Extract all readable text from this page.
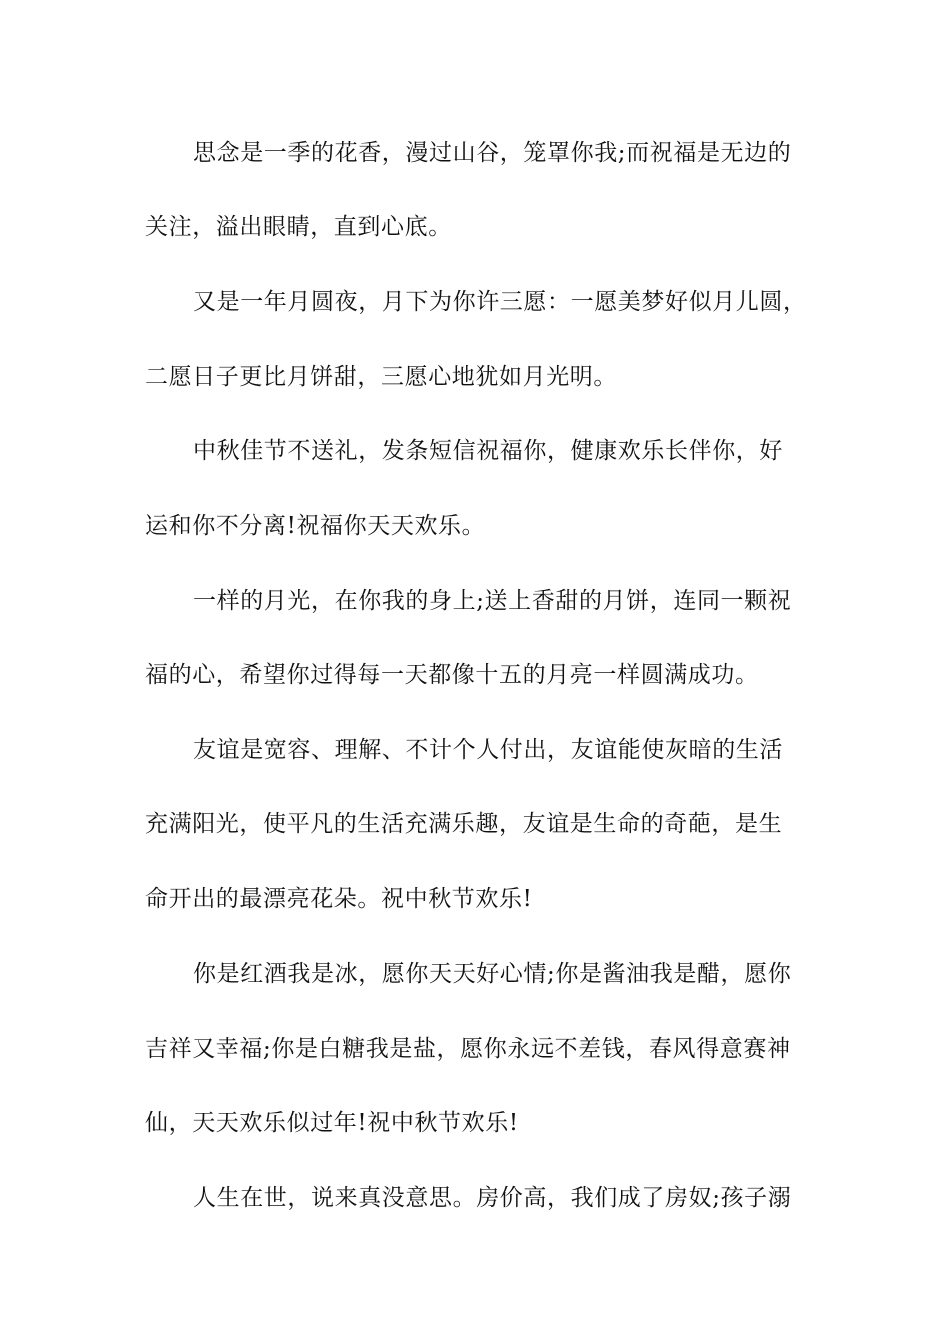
思念是一季的花香，漫过山谷，笼罩你我;而祝福是无边的
关注，溢出眼睛，直到心底。
又是一年月圆夜，月下为你许三愿：一愿美梦好似月儿圆，
二愿日子更比月饼甜，三愿心地犹如月光明。
中秋佳节不送礼，发条短信祝福你，健康欢乐长伴你，好
运和你不分离!祝福你天天欢乐。
一样的月光，在你我的身上;送上香甜的月饼，连同一颗祝
福的心，希望你过得每一天都像十五的月亮一样圆满成功。
友谊是宽容、理解、不计个人付出，友谊能使灰暗的生活
充满阳光，使平凡的生活充满乐趣，友谊是生命的奇葩，是生
命开出的最漂亮花朵。祝中秋节欢乐!
你是红酒我是冰，愿你天天好心情;你是酱油我是醋，愿你
吉祥又幸福;你是白糖我是盐，愿你永远不差钱，春风得意赛神
仙，天天欢乐似过年!祝中秋节欢乐!
人生在世，说来真没意思。房价高，我们成了房奴;孩子溺
